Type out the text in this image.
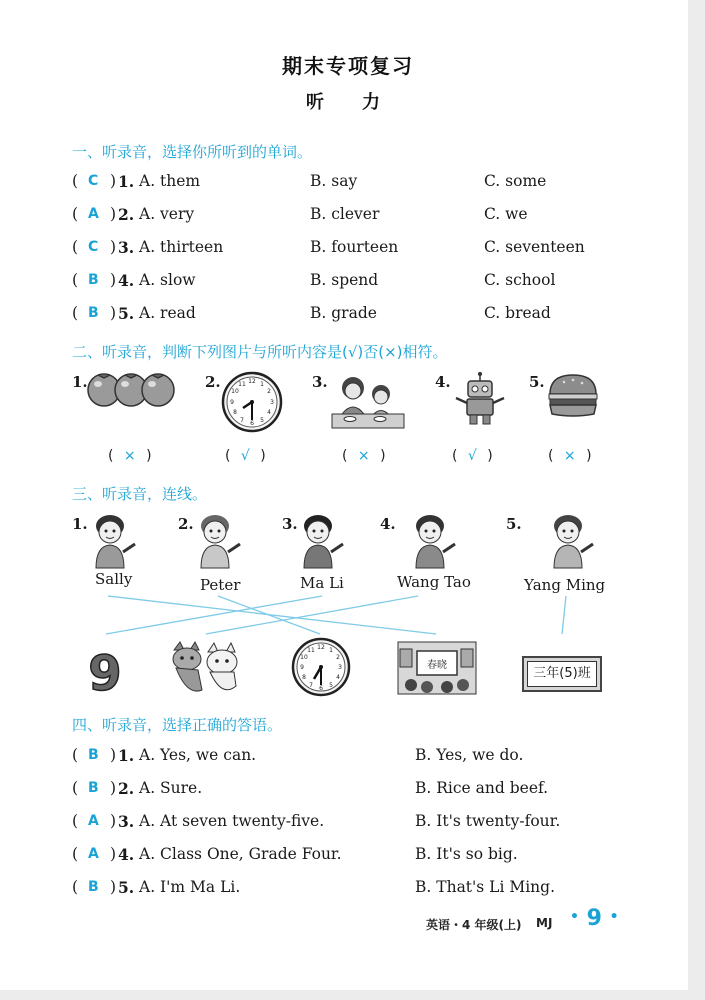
期末专项复习
听　力
一、听录音，选择你所听到的单词。
( C ) 1. A. them	B. say	C. some
( A ) 2. A. very	B. clever	C. we
( C ) 3. A. thirteen	B. fourteen	C. seventeen
( B ) 4. A. slow	B. spend	C. school
( B ) 5. A. read	B. grade	C. bread
二、听录音，判断下列图片与所听内容是(√)否(×)相符。
1.	2.	12 1
2
3
4
5
6
7
8
9
10
11	3.	4.	5.
( × )	( √ )	( × )	( √ )	( × )
三、听录音，连线。
1.
Sally
2.
Peter
3.
Ma Li
4.
Wang Tao
5.
Yang Ming
9	12
3
6
9
1
2
4
5
7
8
10
11
春晓
三年(5)班
四、听录音，选择正确的答语。
( B ) 1. A. Yes, we can.	B. Yes, we do.
( B ) 2. A. Sure.	B. Rice and beef.
( A ) 3. A. At seven twenty-five.	B. It's twenty-four.
( A ) 4. A. Class One, Grade Four.	B. It's so big.
( B ) 5. A. I'm Ma Li.	B. That's Li Ming.
英语・4 年级(上) MJ • 9 •
